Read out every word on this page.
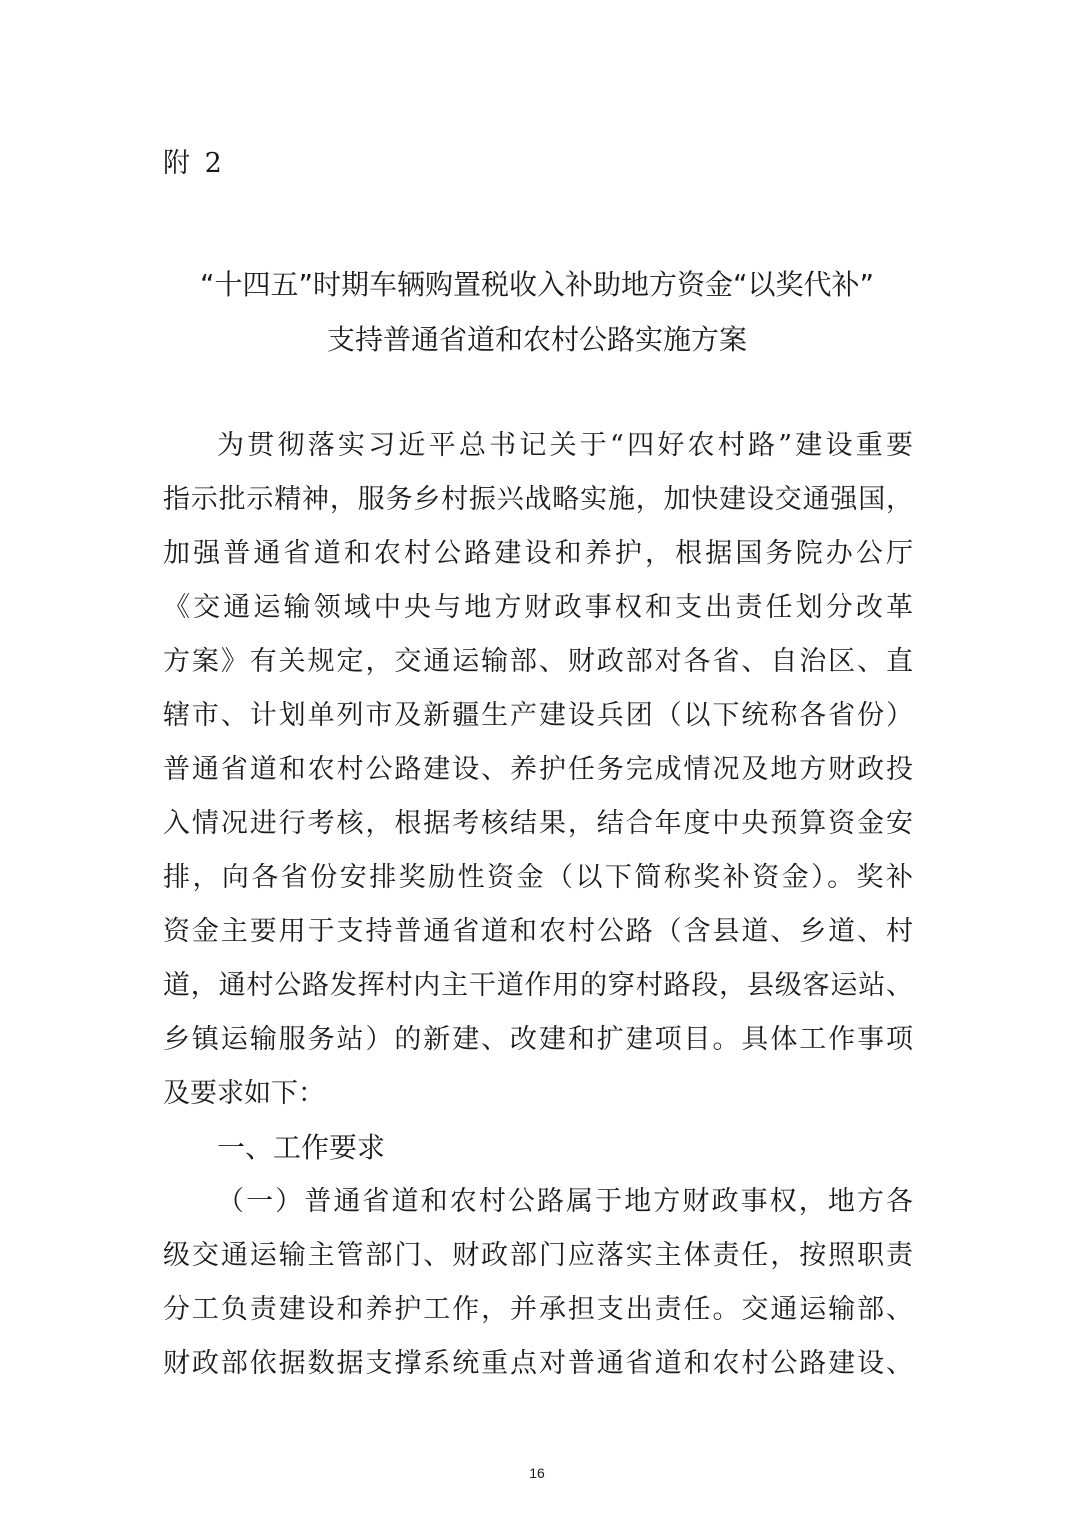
附 2
“十四五”时期车辆购置税收入补助地方资金“以奖代补”
支持普通省道和农村公路实施方案
为贯彻落实习近平总书记关于“四好农村路”建设重要
指示批示精神，服务乡村振兴战略实施，加快建设交通强国，
加强普通省道和农村公路建设和养护，根据国务院办公厅
《交通运输领域中央与地方财政事权和支出责任划分改革
方案》有关规定，交通运输部、财政部对各省、自治区、直
辖市、计划单列市及新疆生产建设兵团（以下统称各省份）
普通省道和农村公路建设、养护任务完成情况及地方财政投
入情况进行考核，根据考核结果，结合年度中央预算资金安
排，向各省份安排奖励性资金（以下简称奖补资金）。奖补
资金主要用于支持普通省道和农村公路（含县道、乡道、村
道，通村公路发挥村内主干道作用的穿村路段，县级客运站、
乡镇运输服务站）的新建、改建和扩建项目。具体工作事项
及要求如下：
一、工作要求
（一）普通省道和农村公路属于地方财政事权，地方各
级交通运输主管部门、财政部门应落实主体责任，按照职责
分工负责建设和养护工作，并承担支出责任。交通运输部、
财政部依据数据支撑系统重点对普通省道和农村公路建设、
16
